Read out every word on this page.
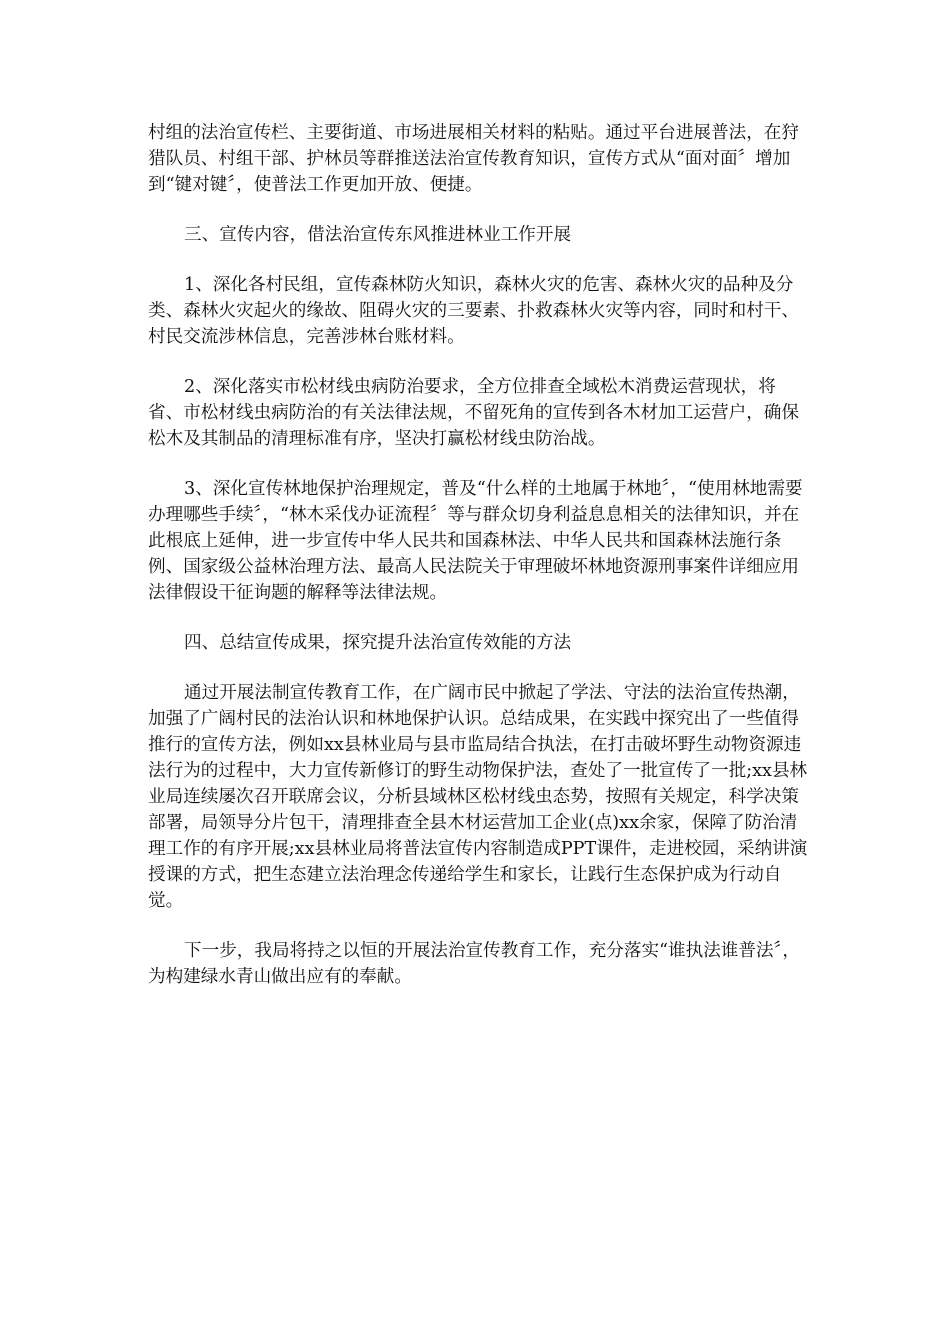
村组的法治宣传栏、主要街道、市场进展相关材料的粘贴。通过平台进展普法，在狩猎队员、村组干部、护林员等群推送法治宣传教育知识，宣传方式从“面对面〞增加到“键对键〞，使普法工作更加开放、便捷。

三、宣传内容，借法治宣传东风推进林业工作开展

1、深化各村民组，宣传森林防火知识，森林火灾的危害、森林火灾的品种及分类、森林火灾起火的缘故、阻碍火灾的三要素、扑救森林火灾等内容，同时和村干、村民交流涉林信息，完善涉林台账材料。

2、深化落实市松材线虫病防治要求，全方位排查全域松木消费运营现状，将省、市松材线虫病防治的有关法律法规，不留死角的宣传到各木材加工运营户，确保松木及其制品的清理标准有序，坚决打赢松材线虫防治战。

3、深化宣传林地保护治理规定，普及“什么样的土地属于林地〞，“使用林地需要办理哪些手续〞，“林木采伐办证流程〞等与群众切身利益息息相关的法律知识，并在此根底上延伸，进一步宣传中华人民共和国森林法、中华人民共和国森林法施行条例、国家级公益林治理方法、最高人民法院关于审理破坏林地资源刑事案件详细应用法律假设干征询题的解释等法律法规。

四、总结宣传成果，探究提升法治宣传效能的方法

通过开展法制宣传教育工作，在广阔市民中掀起了学法、守法的法治宣传热潮，加强了广阔村民的法治认识和林地保护认识。总结成果，在实践中探究出了一些值得推行的宣传方法，例如xx县林业局与县市监局结合执法，在打击破坏野生动物资源违法行为的过程中，大力宣传新修订的野生动物保护法，查处了一批宣传了一批;xx县林业局连续屡次召开联席会议，分析县域林区松材线虫态势，按照有关规定，科学决策部署，局领导分片包干，清理排查全县木材运营加工企业(点)xx余家，保障了防治清理工作的有序开展;xx县林业局将普法宣传内容制造成PPT课件，走进校园，采纳讲演授课的方式，把生态建立法治理念传递给学生和家长，让践行生态保护成为行动自觉。

下一步，我局将持之以恒的开展法治宣传教育工作，充分落实“谁执法谁普法〞，为构建绿水青山做出应有的奉献。
